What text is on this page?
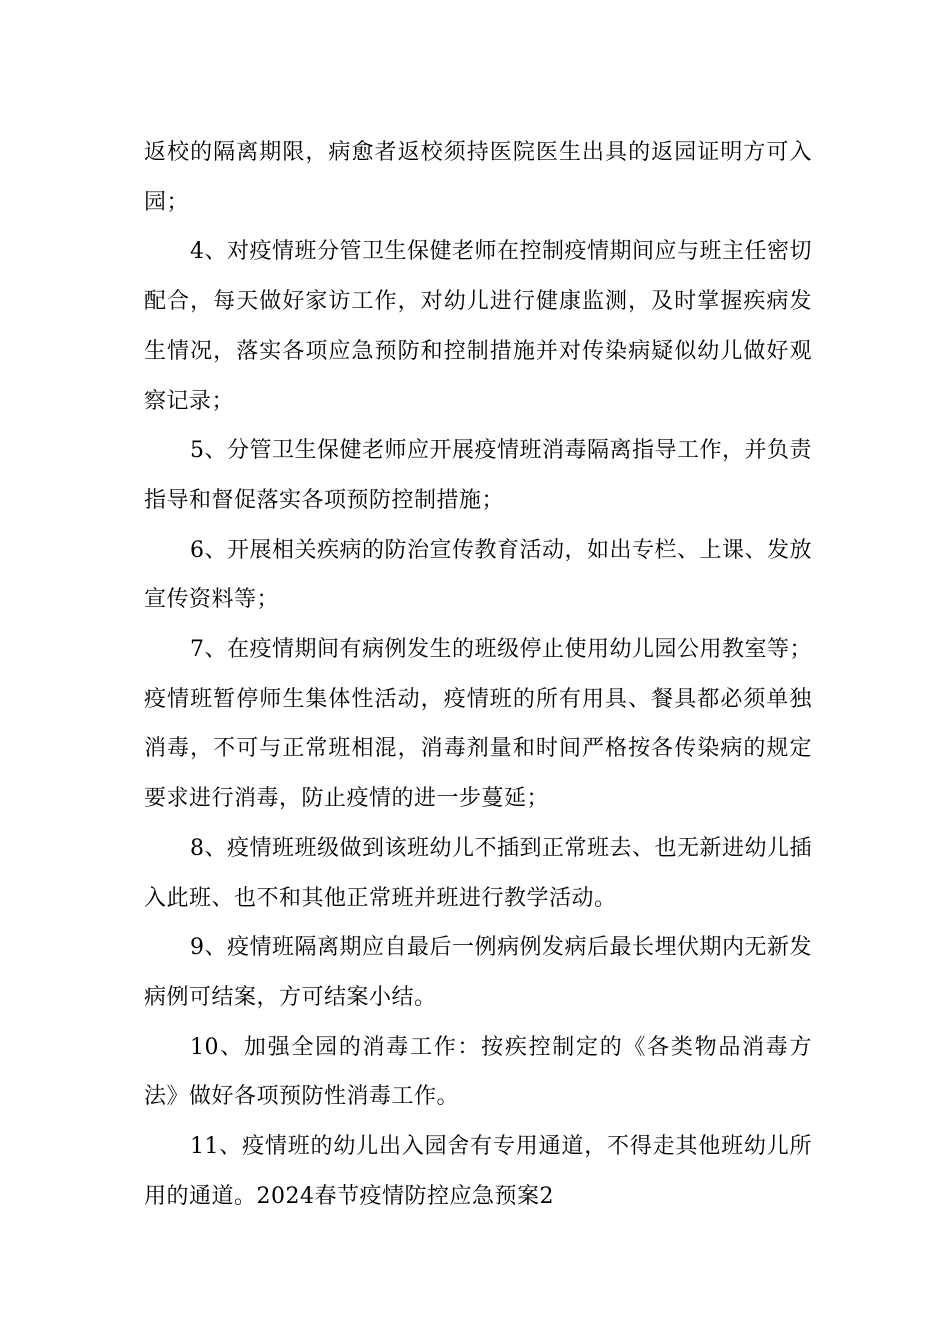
返校的隔离期限，病愈者返校须持医院医生出具的返园证明方可入园；

4、对疫情班分管卫生保健老师在控制疫情期间应与班主任密切配合，每天做好家访工作，对幼儿进行健康监测，及时掌握疾病发生情况，落实各项应急预防和控制措施并对传染病疑似幼儿做好观察记录；

5、分管卫生保健老师应开展疫情班消毒隔离指导工作，并负责指导和督促落实各项预防控制措施；

6、开展相关疾病的防治宣传教育活动，如出专栏、上课、发放宣传资料等；

7、在疫情期间有病例发生的班级停止使用幼儿园公用教室等；疫情班暂停师生集体性活动，疫情班的所有用具、餐具都必须单独消毒，不可与正常班相混，消毒剂量和时间严格按各传染病的规定要求进行消毒，防止疫情的进一步蔓延；

8、疫情班班级做到该班幼儿不插到正常班去、也无新进幼儿插入此班、也不和其他正常班并班进行教学活动。

9、疫情班隔离期应自最后一例病例发病后最长埋伏期内无新发病例可结案，方可结案小结。

10、加强全园的消毒工作：按疾控制定的《各类物品消毒方法》做好各项预防性消毒工作。

11、疫情班的幼儿出入园舍有专用通道，不得走其他班幼儿所用的通道。2024春节疫情防控应急预案2
